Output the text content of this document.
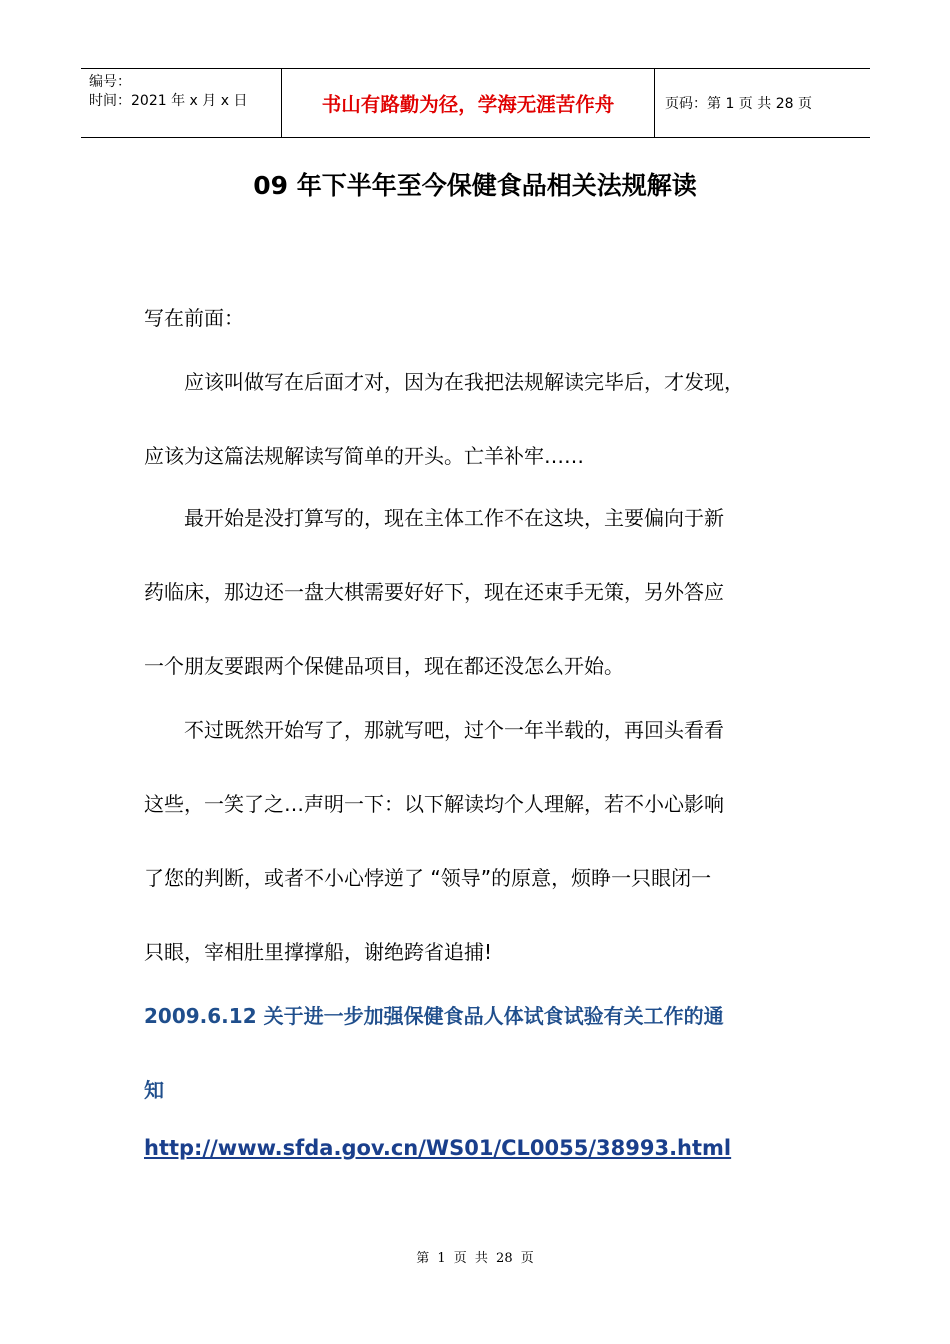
编号：
时间：2021 年 x 月 x 日	书山有路勤为径，学海无涯苦作舟	页码：第 1 页 共 28 页
09 年下半年至今保健食品相关法规解读
写在前面：
　　应该叫做写在后面才对，因为在我把法规解读完毕后，才发现，
应该为这篇法规解读写简单的开头。亡羊补牢……
　　最开始是没打算写的，现在主体工作不在这块，主要偏向于新
药临床，那边还一盘大棋需要好好下，现在还束手无策，另外答应
一个朋友要跟两个保健品项目，现在都还没怎么开始。
　　不过既然开始写了，那就写吧，过个一年半载的，再回头看看
这些，一笑了之…声明一下：以下解读均个人理解，若不小心影响
了您的判断，或者不小心悖逆了 “领导”的原意，烦睁一只眼闭一
只眼，宰相肚里撑撑船，谢绝跨省追捕!
2009.6.12 关于进一步加强保健食品人体试食试验有关工作的通
知
http://www.sfda.gov.cn/WS01/CL0055/38993.html
第 1 页 共 28 页
